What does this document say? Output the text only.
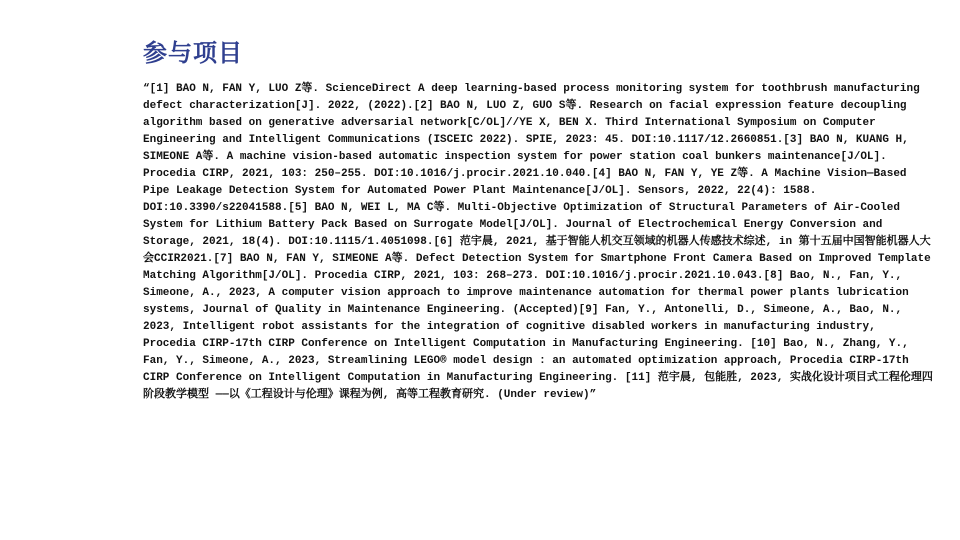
参与项目

“[1] BAO N, FAN Y, LUO Z等. ScienceDirect A deep learning-based process monitoring system for toothbrush manufacturing defect characterization[J]. 2022, (2022).[2] BAO N, LUO Z, GUO S等. Research on facial expression feature decoupling algorithm based on generative adversarial network[C/OL]//YE X, BEN X. Third International Symposium on Computer Engineering and Intelligent Communications (ISCEIC 2022). SPIE, 2023: 45. DOI:10.1117/12.2660851.[3] BAO N, KUANG H, SIMEONE A等. A machine vision-based automatic inspection system for power station coal bunkers maintenance[J/OL]. Procedia CIRP, 2021, 103: 250–255. DOI:10.1016/j.procir.2021.10.040.[4] BAO N, FAN Y, YE Z等. A Machine Vision—Based Pipe Leakage Detection System for Automated Power Plant Maintenance[J/OL]. Sensors, 2022, 22(4): 1588. DOI:10.3390/s22041588.[5] BAO N, WEI L, MA C等. Multi-Objective Optimization of Structural Parameters of Air-Cooled System for Lithium Battery Pack Based on Surrogate Model[J/OL]. Journal of Electrochemical Energy Conversion and Storage, 2021, 18(4). DOI:10.1115/1.4051098.[6] 范宇晨, 2021, 基于智能人机交互领域的机器人传感技术综述, in 第十五届中国智能机器人大会CCIR2021.[7] BAO N, FAN Y, SIMEONE A等. Defect Detection System for Smartphone Front Camera Based on Improved Template Matching Algorithm[J/OL]. Procedia CIRP, 2021, 103: 268–273. DOI:10.1016/j.procir.2021.10.043.[8] Bao, N., Fan, Y., Simeone, A., 2023, A computer vision approach to improve maintenance automation for thermal power plants lubrication systems, Journal of Quality in Maintenance Engineering. (Accepted)[9] Fan, Y., Antonelli, D., Simeone, A., Bao, N., 2023, Intelligent robot assistants for the integration of cognitive disabled workers in manufacturing industry, Procedia CIRP-17th CIRP Conference on Intelligent Computation in Manufacturing Engineering. [10] Bao, N., Zhang, Y., Fan, Y., Simeone, A., 2023, Streamlining LEGO® model design : an automated optimization approach, Procedia CIRP-17th CIRP Conference on Intelligent Computation in Manufacturing Engineering. [11] 范宇晨, 包能胜, 2023, 实战化设计项目式工程伦理四阶段教学模型 ——以《工程设计与伦理》课程为例, 高等工程教育研究. (Under review)”
